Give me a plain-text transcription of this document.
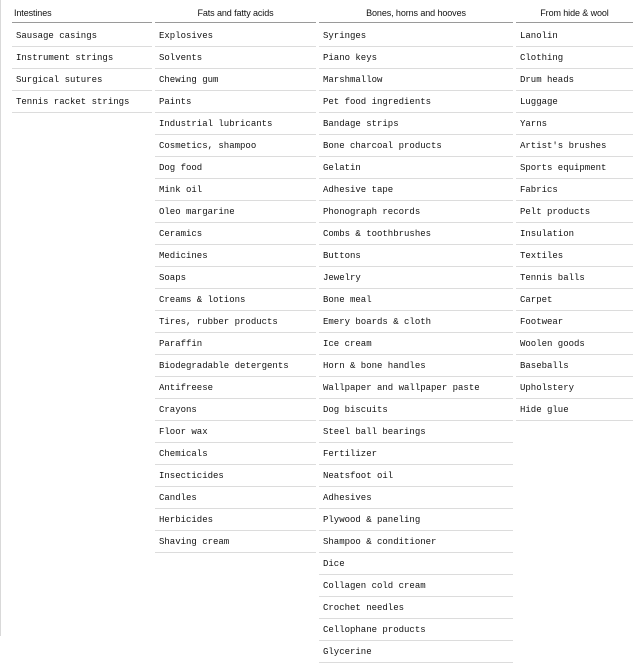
Intestines
Sausage casings
Instrument strings
Surgical sutures
Tennis racket strings
Fats and fatty acids
Explosives
Solvents
Chewing gum
Paints
Industrial lubricants
Cosmetics, shampoo
Dog food
Mink oil
Oleo margarine
Ceramics
Medicines
Soaps
Creams & lotions
Tires, rubber products
Paraffin
Biodegradable detergents
Antifreese
Crayons
Floor wax
Chemicals
Insecticides
Candles
Herbicides
Shaving cream
Bones, horns and hooves
Syringes
Piano keys
Marshmallow
Pet food ingredients
Bandage strips
Bone charcoal products
Gelatin
Adhesive tape
Phonograph records
Combs & toothbrushes
Buttons
Jewelry
Bone meal
Emery boards & cloth
Ice cream
Horn & bone handles
Wallpaper and wallpaper paste
Dog biscuits
Steel ball bearings
Fertilizer
Neatsfoot oil
Adhesives
Plywood & paneling
Shampoo & conditioner
Dice
Collagen cold cream
Crochet needles
Cellophane products
Glycerine
From hide & wool
Lanolin
Clothing
Drum heads
Luggage
Yarns
Artist's brushes
Sports equipment
Fabrics
Pelt products
Insulation
Textiles
Tennis balls
Carpet
Footwear
Woolen goods
Baseballs
Upholstery
Hide glue
